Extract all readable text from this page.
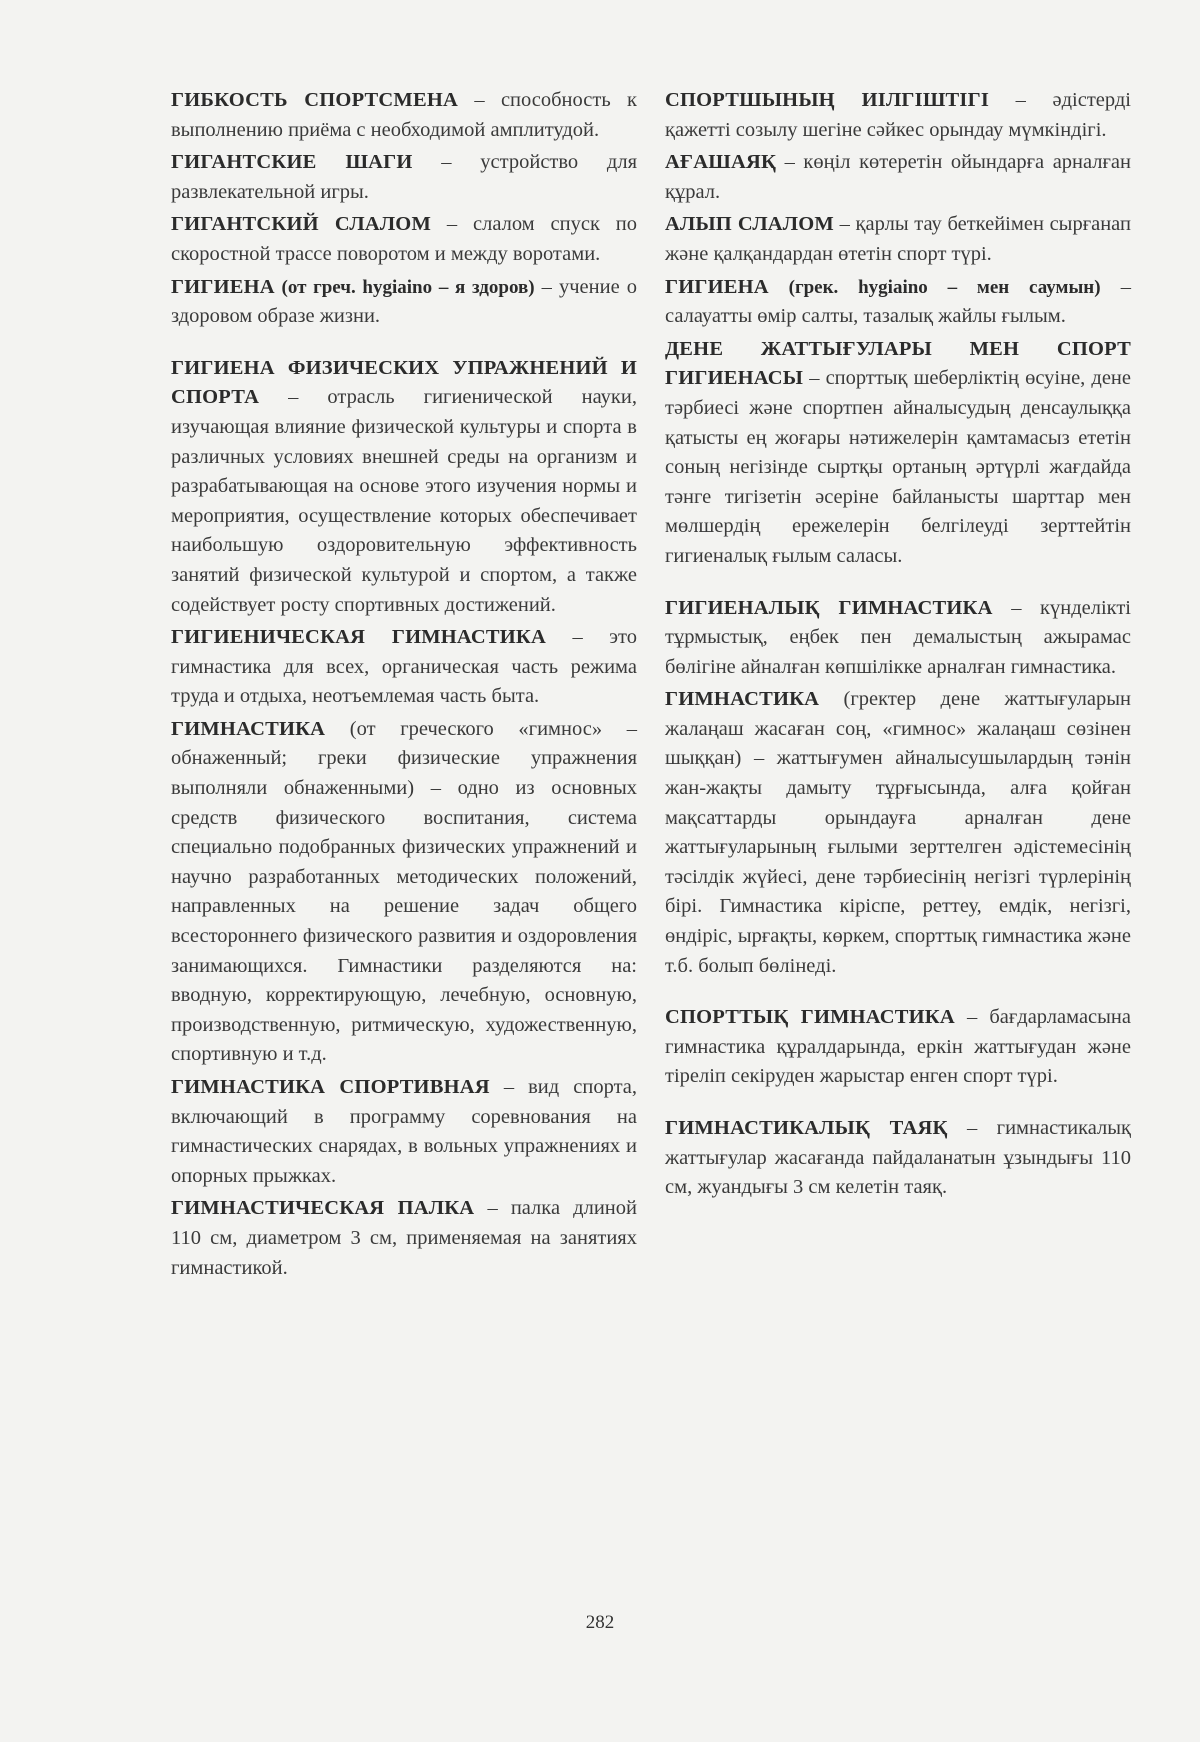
ГИБКОСТЬ СПОРТСМЕНА – способность к выполнению приёма с необходимой амплитудой.

ГИГАНТСКИЕ ШАГИ – устройство для развлекательной игры.

ГИГАНТСКИЙ СЛАЛОМ – слалом спуск по скоростной трассе поворотом и между воротами.

ГИГИЕНА (от греч. hygiaino – я здоров) – учение о здоровом образе жизни.

ГИГИЕНА ФИЗИЧЕСКИХ УПРАЖНЕНИЙ И СПОРТА – отрасль гигиенической науки, изучающая влияние физической культуры и спорта в различных условиях внешней среды на организм и разрабатывающая на основе этого изучения нормы и мероприятия, осуществление которых обеспечивает наибольшую оздоровительную эффективность занятий физической культурой и спортом, а также содействует росту спортивных достижений.

ГИГИЕНИЧЕСКАЯ ГИМНАСТИКА – это гимнастика для всех, органическая часть режима труда и отдыха, неотъемлемая часть быта.

ГИМНАСТИКА (от греческого «гимнос» – обнаженный; греки физические упражнения выполняли обнаженными) – одно из основных средств физического воспитания, система специально подобранных физических упражнений и научно разработанных методических положений, направленных на решение задач общего всестороннего физического развития и оздоровления занимающихся. Гимнастики разделяются на: вводную, корректирующую, лечебную, основную, производственную, ритмическую, художественную, спортивную и т.д.

ГИМНАСТИКА СПОРТИВНАЯ – вид спорта, включающий в программу соревнования на гимнастических снарядах, в вольных упражнениях и опорных прыжках.

ГИМНАСТИЧЕСКАЯ ПАЛКА – палка длиной 110 см, диаметром 3 см, применяемая на занятиях гимнастикой.

СПОРТШЫНЫҢ ИІЛГІШТІГІ – әдістерді қажетті созылу шегіне сәйкес орындау мүмкіндігі.

АҒАШАЯҚ – көңіл көтеретін ойындарға арналған құрал.

АЛЫП СЛАЛОМ – қарлы тау беткейімен сырғанап және қалқандардан өтетін спорт түрі.

ГИГИЕНА (грек. hygiaino – мен саумын) – салауатты өмір салты, тазалық жайлы ғылым.

ДЕНЕ ЖАТТЫҒУЛАРЫ МЕН СПОРТ ГИГИЕНАСЫ – спорттық шеберліктің өсуіне, дене тәрбиесі және спортпен айналысудың денсаулыққа қатысты ең жоғары нәтижелерін қамтамасыз ететін соның негізінде сыртқы ортаның әртүрлі жағдайда тәнге тигізетін әсеріне байланысты шарттар мен мөлшердің ережелерін белгілеуді зерттейтін гигиеналық ғылым саласы.

ГИГИЕНАЛЫҚ ГИМНАСТИКА – күнделікті тұрмыстық, еңбек пен демалыстың ажырамас бөлігіне айналған көпшілікке арналған гимнастика.

ГИМНАСТИКА (гректер дене жаттығуларын жалаңаш жасаған соң, «гимнос» жалаңаш сөзінен шыққан) – жаттығумен айналысушылардың тәнін жан-жақты дамыту тұрғысында, алға қойған мақсаттарды орындауға арналған дене жаттығуларының ғылыми зерттелген әдістемесінің тәсілдік жүйесі, дене тәрбиесінің негізгі түрлерінің бірі. Гимнастика кіріспе, реттеу, емдік, негізгі, өндіріс, ырғақты, көркем, спорттық гимнастика және т.б. болып бөлінеді.

СПОРТТЫҚ ГИМНАСТИКА – бағдарламасына гимнастика құралдарында, еркін жаттығудан және тіреліп секіруден жарыстар енген спорт түрі.

ГИМНАСТИКАЛЫҚ ТАЯҚ – гимнастикалық жаттығулар жасағанда пайдаланатын ұзындығы 110 см, жуандығы 3 см келетін таяқ.

282
